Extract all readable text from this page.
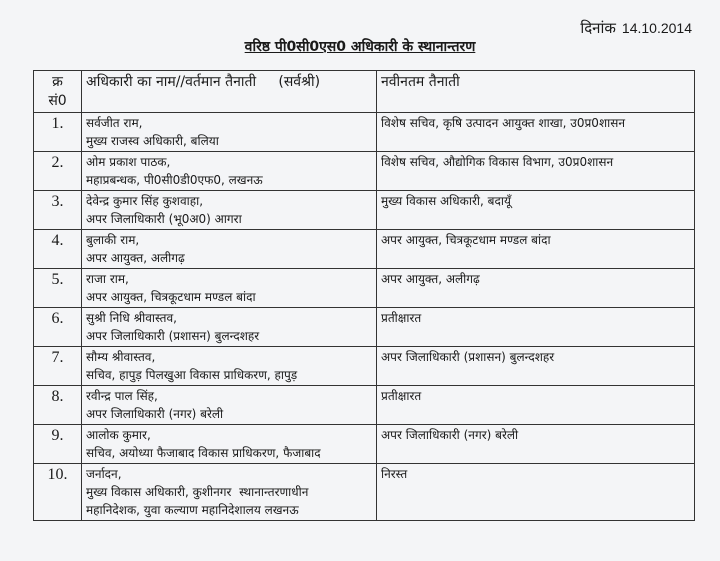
दिनांक 14.10.2014
वरिष्ठ पी0सी0एस0 अधिकारी के स्थानान्तरण
क्र
सं0	अधिकारी का नाम//वर्तमान तैनाती     (सर्वश्री)	नवीनतम तैनाती
1.	सर्वजीत राम,
मुख्य राजस्व अधिकारी, बलिया	विशेष सचिव, कृषि उत्पादन आयुक्त शाखा, उ0प्र0शासन
2.	ओम प्रकाश पाठक,
महाप्रबन्धक, पी0सी0डी0एफ0, लखनऊ	विशेष सचिव, औद्योगिक विकास विभाग, उ0प्र0शासन
3.	देवेन्द्र कुमार सिंह कुशवाहा,
अपर जिलाधिकारी (भू0अ0) आगरा	मुख्य विकास अधिकारी, बदायूँ
4.	बुलाकी राम,
अपर आयुक्त, अलीगढ़	अपर आयुक्त, चित्रकूटधाम मण्डल बांदा
5.	राजा राम,
अपर आयुक्त, चित्रकूटधाम मण्डल बांदा	अपर आयुक्त, अलीगढ़
6.	सुश्री निधि श्रीवास्तव,
अपर जिलाधिकारी (प्रशासन) बुलन्दशहर	प्रतीक्षारत
7.	सौम्य श्रीवास्तव,
सचिव, हापुड़ पिलखुआ विकास प्राधिकरण, हापुड़	अपर जिलाधिकारी (प्रशासन) बुलन्दशहर
8.	रवीन्द्र पाल सिंह,
अपर जिलाधिकारी (नगर) बरेली	प्रतीक्षारत
9.	आलोक कुमार,
सचिव, अयोध्या फैजाबाद विकास प्राधिकरण, फैजाबाद	अपर जिलाधिकारी (नगर) बरेली
10.	जर्नादन,
मुख्य विकास अधिकारी, कुशीनगर  स्थानान्तरणाधीन
महानिदेशक, युवा कल्याण महानिदेशालय लखनऊ	निरस्त
